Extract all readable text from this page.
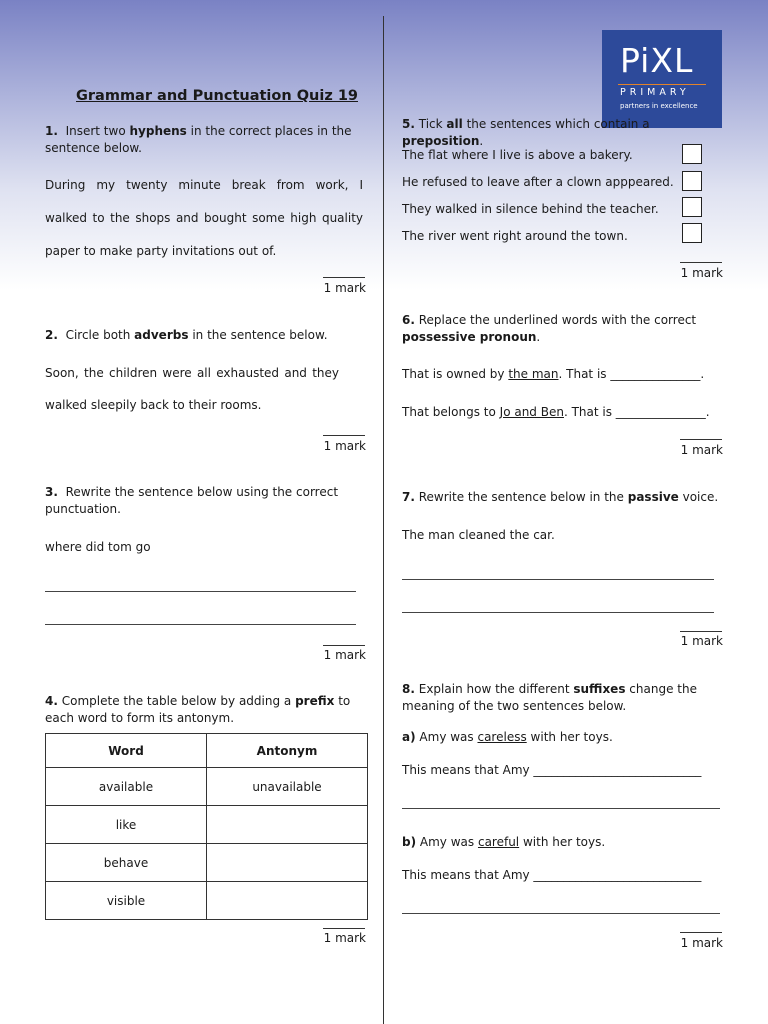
PiXL
PRIMARY
partners in excellence
Grammar and Punctuation Quiz 19
1. Insert two hyphens in the correct places in the sentence below.
During my twenty minute break from work, I
walked to the shops and bought some high quality
paper to make party invitations out of.
1 mark
2. Circle both adverbs in the sentence below.
Soon, the children were all exhausted and they
walked sleepily back to their rooms.
1 mark
3. Rewrite the sentence below using the correct punctuation.
where did tom go
1 mark
4. Complete the table below by adding a prefix to each word to form its antonym.
Word	Antonym
available	unavailable
like	
behave	
visible	
1 mark
5. Tick all the sentences which contain a preposition.
The flat where I live is above a bakery.
He refused to leave after a clown apppeared.
They walked in silence behind the teacher.
The river went right around the town.
1 mark
6. Replace the underlined words with the correct possessive pronoun.
That is owned by the man. That is _______________.
That belongs to Jo and Ben. That is _______________.
1 mark
7. Rewrite the sentence below in the passive voice.
The man cleaned the car.
1 mark
8. Explain how the different suffixes change the meaning of the two sentences below.
a) Amy was careless with her toys.
This means that Amy ____________________________
b) Amy was careful with her toys.
This means that Amy ____________________________
1 mark
